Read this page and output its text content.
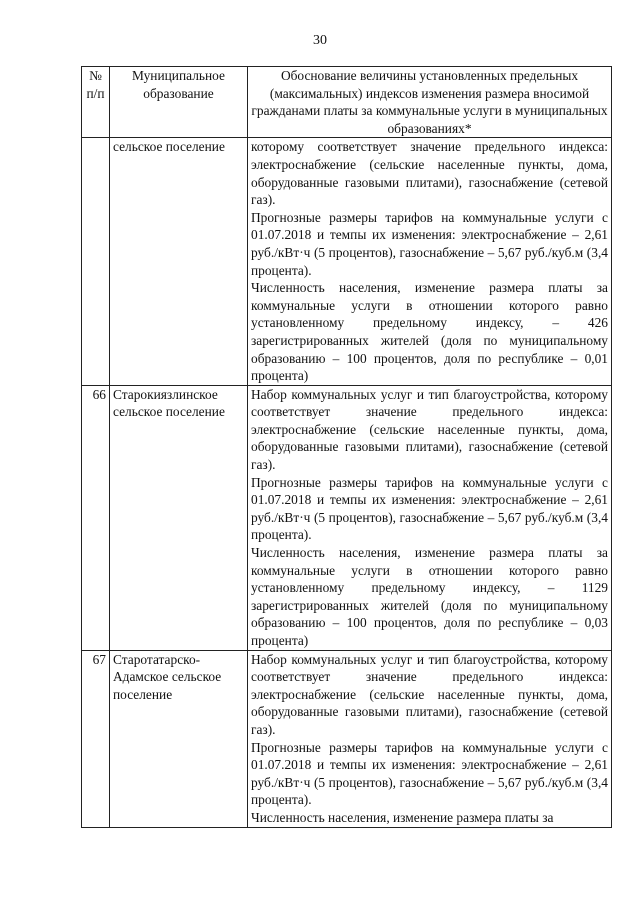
30
№ п/п	Муниципальное образование	Обоснование величины установленных предельных (максимальных) индексов изменения размера вносимой гражданами платы за коммунальные услуги в муниципальных образованиях*
	сельское поселение	которому соответствует значение предельного индекса: электроснабжение (сельские населенные пункты, дома, оборудованные газовыми плитами), газоснабжение (сетевой газ).

Прогнозные размеры тарифов на коммунальные услуги с 01.07.2018 и темпы их изменения: электроснабжение – 2,61 руб./кВт·ч (5 процентов), газоснабжение – 5,67 руб./куб.м (3,4 процента).

Численность населения, изменение размера платы за коммунальные услуги в отношении которого равно установленному предельному индексу, – 426 зарегистрированных жителей (доля по муниципальному образованию – 100 процентов, доля по республике – 0,01 процента)

66	Старокиязлинское сельское поселение	Набор коммунальных услуг и тип благоустройства, которому соответствует значение предельного индекса: электроснабжение (сельские населенные пункты, дома, оборудованные газовыми плитами), газоснабжение (сетевой газ).

Прогнозные размеры тарифов на коммунальные услуги с 01.07.2018 и темпы их изменения: электроснабжение – 2,61 руб./кВт·ч (5 процентов), газоснабжение – 5,67 руб./куб.м (3,4 процента).

Численность населения, изменение размера платы за коммунальные услуги в отношении которого равно установленному предельному индексу, – 1129 зарегистрированных жителей (доля по муниципальному образованию – 100 процентов, доля по республике – 0,03 процента)

67	Старотатарско-Адамское сельское поселение	Набор коммунальных услуг и тип благоустройства, которому соответствует значение предельного индекса: электроснабжение (сельские населенные пункты, дома, оборудованные газовыми плитами), газоснабжение (сетевой газ).

Прогнозные размеры тарифов на коммунальные услуги с 01.07.2018 и темпы их изменения: электроснабжение – 2,61 руб./кВт·ч (5 процентов), газоснабжение – 5,67 руб./куб.м (3,4 процента).

Численность населения, изменение размера платы за
